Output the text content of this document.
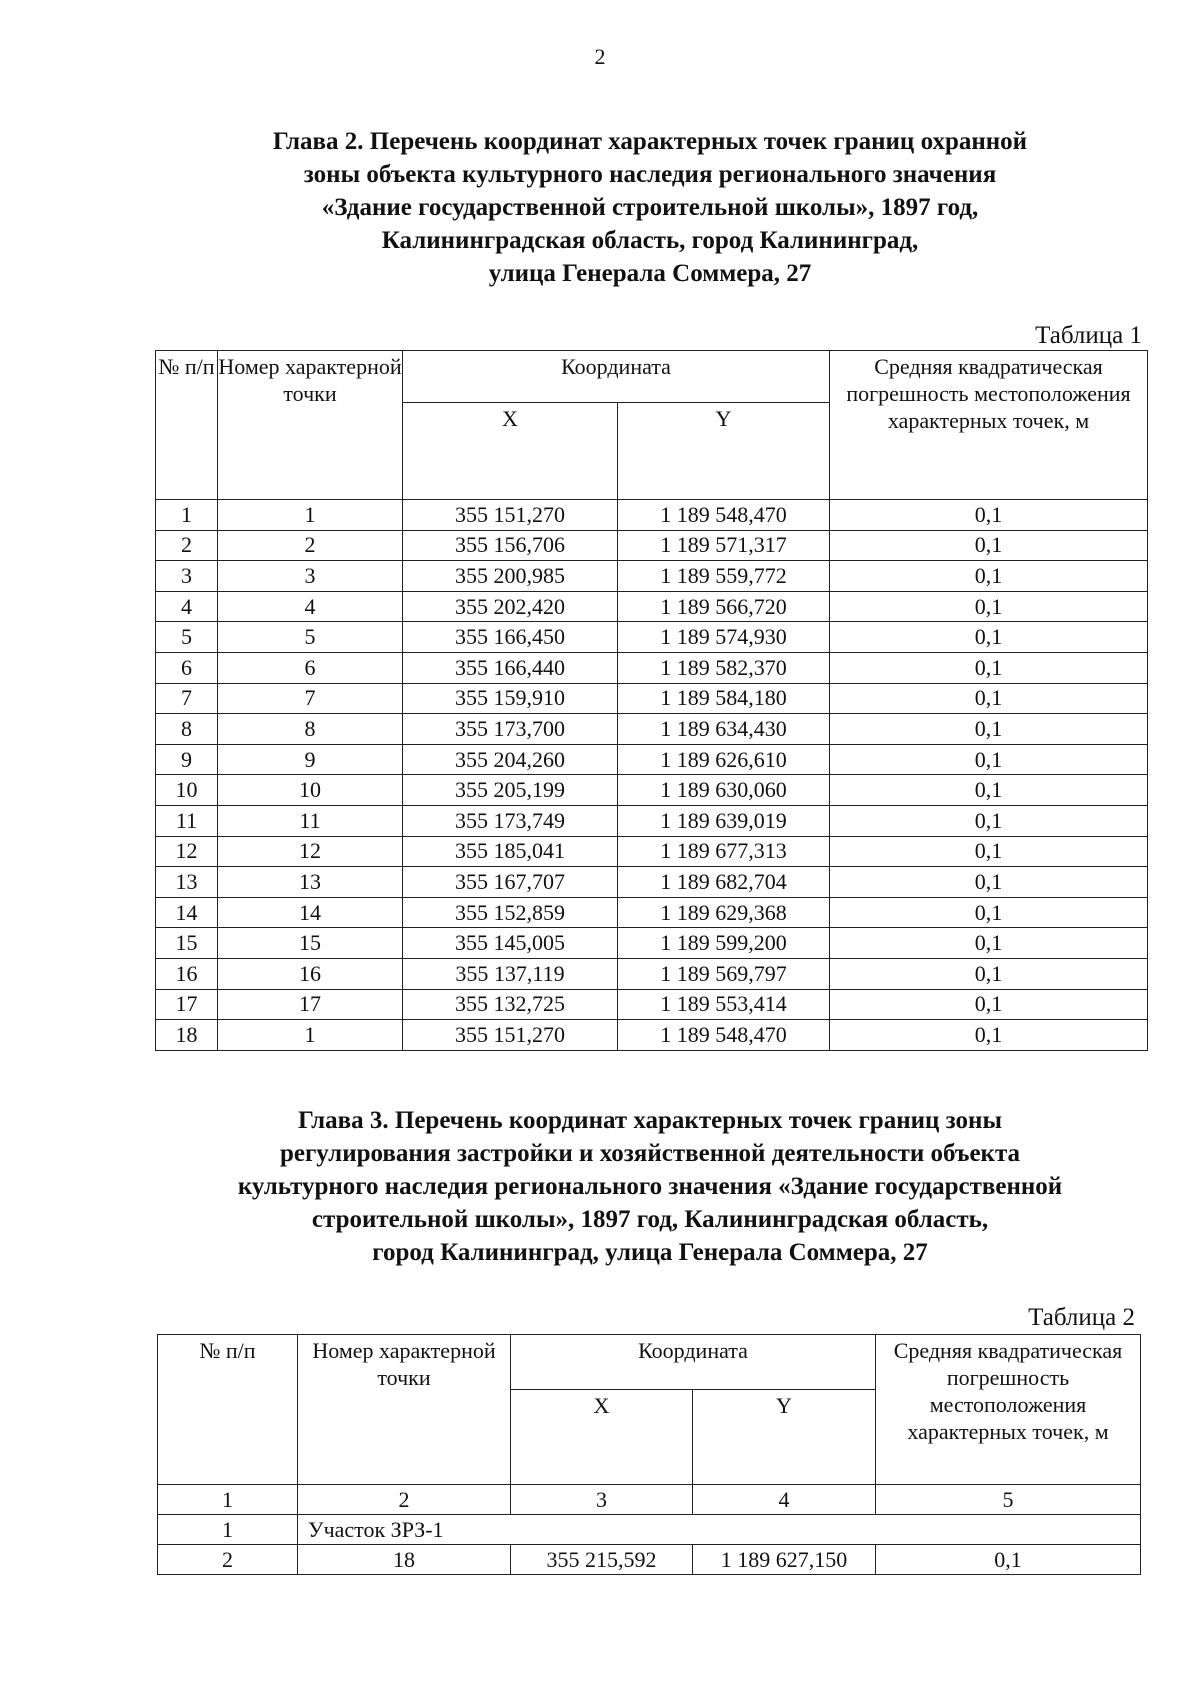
2
Глава 2. Перечень координат характерных точек границ охранной
зоны объекта культурного наследия регионального значения
«Здание государственной строительной школы», 1897 год,
Калининградская область, город Калининград,
улица Генерала Соммера, 27
Таблица 1
№ п/п	Номер характерной точки	Координата		Средняя квадратическая погрешность местоположения характерных точек, м
		X	Y	
1	1	355 151,270	1 189 548,470	0,1
2	2	355 156,706	1 189 571,317	0,1
3	3	355 200,985	1 189 559,772	0,1
4	4	355 202,420	1 189 566,720	0,1
5	5	355 166,450	1 189 574,930	0,1
6	6	355 166,440	1 189 582,370	0,1
7	7	355 159,910	1 189 584,180	0,1
8	8	355 173,700	1 189 634,430	0,1
9	9	355 204,260	1 189 626,610	0,1
10	10	355 205,199	1 189 630,060	0,1
11	11	355 173,749	1 189 639,019	0,1
12	12	355 185,041	1 189 677,313	0,1
13	13	355 167,707	1 189 682,704	0,1
14	14	355 152,859	1 189 629,368	0,1
15	15	355 145,005	1 189 599,200	0,1
16	16	355 137,119	1 189 569,797	0,1
17	17	355 132,725	1 189 553,414	0,1
18	1	355 151,270	1 189 548,470	0,1
Глава 3. Перечень координат характерных точек границ зоны
регулирования застройки и хозяйственной деятельности объекта
культурного наследия регионального значения «Здание государственной
строительной школы», 1897 год, Калининградская область,
город Калининград, улица Генерала Соммера, 27
Таблица 2
№ п/п	Номер характерной точки	Координата		Средняя квадратическая погрешность местоположения характерных точек, м
		X	Y	
1	2	3	4	5
1	Участок ЗРЗ-1			
2	18	355 215,592	1 189 627,150	0,1
